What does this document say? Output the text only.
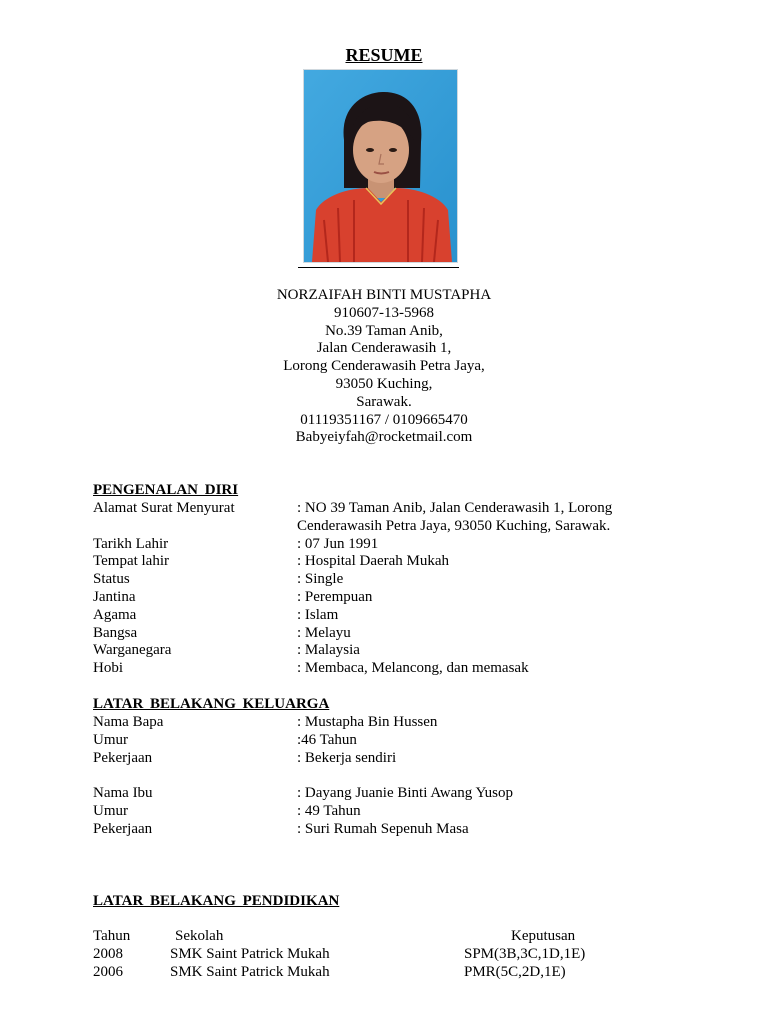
RESUME
NORZAIFAH BINTI MUSTAPHA
910607-13-5968
No.39 Taman Anib,
Jalan Cenderawasih 1,
Lorong Cenderawasih Petra Jaya,
93050 Kuching,
Sarawak.
01119351167 / 0109665470
Babyeiyfah@rocketmail.com
PENGENALAN DIRI
Alamat Surat Menyurat	: NO 39 Taman Anib, Jalan Cenderawasih 1, Lorong Cenderawasih Petra Jaya, 93050 Kuching, Sarawak.
Tarikh Lahir	: 07 Jun 1991
Tempat lahir	: Hospital Daerah Mukah
Status	: Single
Jantina	: Perempuan
Agama	: Islam
Bangsa	: Melayu
Warganegara	: Malaysia
Hobi	: Membaca, Melancong, dan memasak
LATAR BELAKANG KELUARGA
Nama Bapa	: Mustapha Bin Hussen
Umur	:46 Tahun
Pekerjaan	: Bekerja sendiri
Nama Ibu	: Dayang Juanie Binti Awang Yusop
Umur	: 49 Tahun
Pekerjaan	: Suri Rumah Sepenuh Masa
LATAR BELAKANG PENDIDIKAN
Tahun	Sekolah	Keputusan
2008	SMK Saint Patrick Mukah	SPM(3B,3C,1D,1E)
2006	SMK Saint Patrick Mukah	PMR(5C,2D,1E)
